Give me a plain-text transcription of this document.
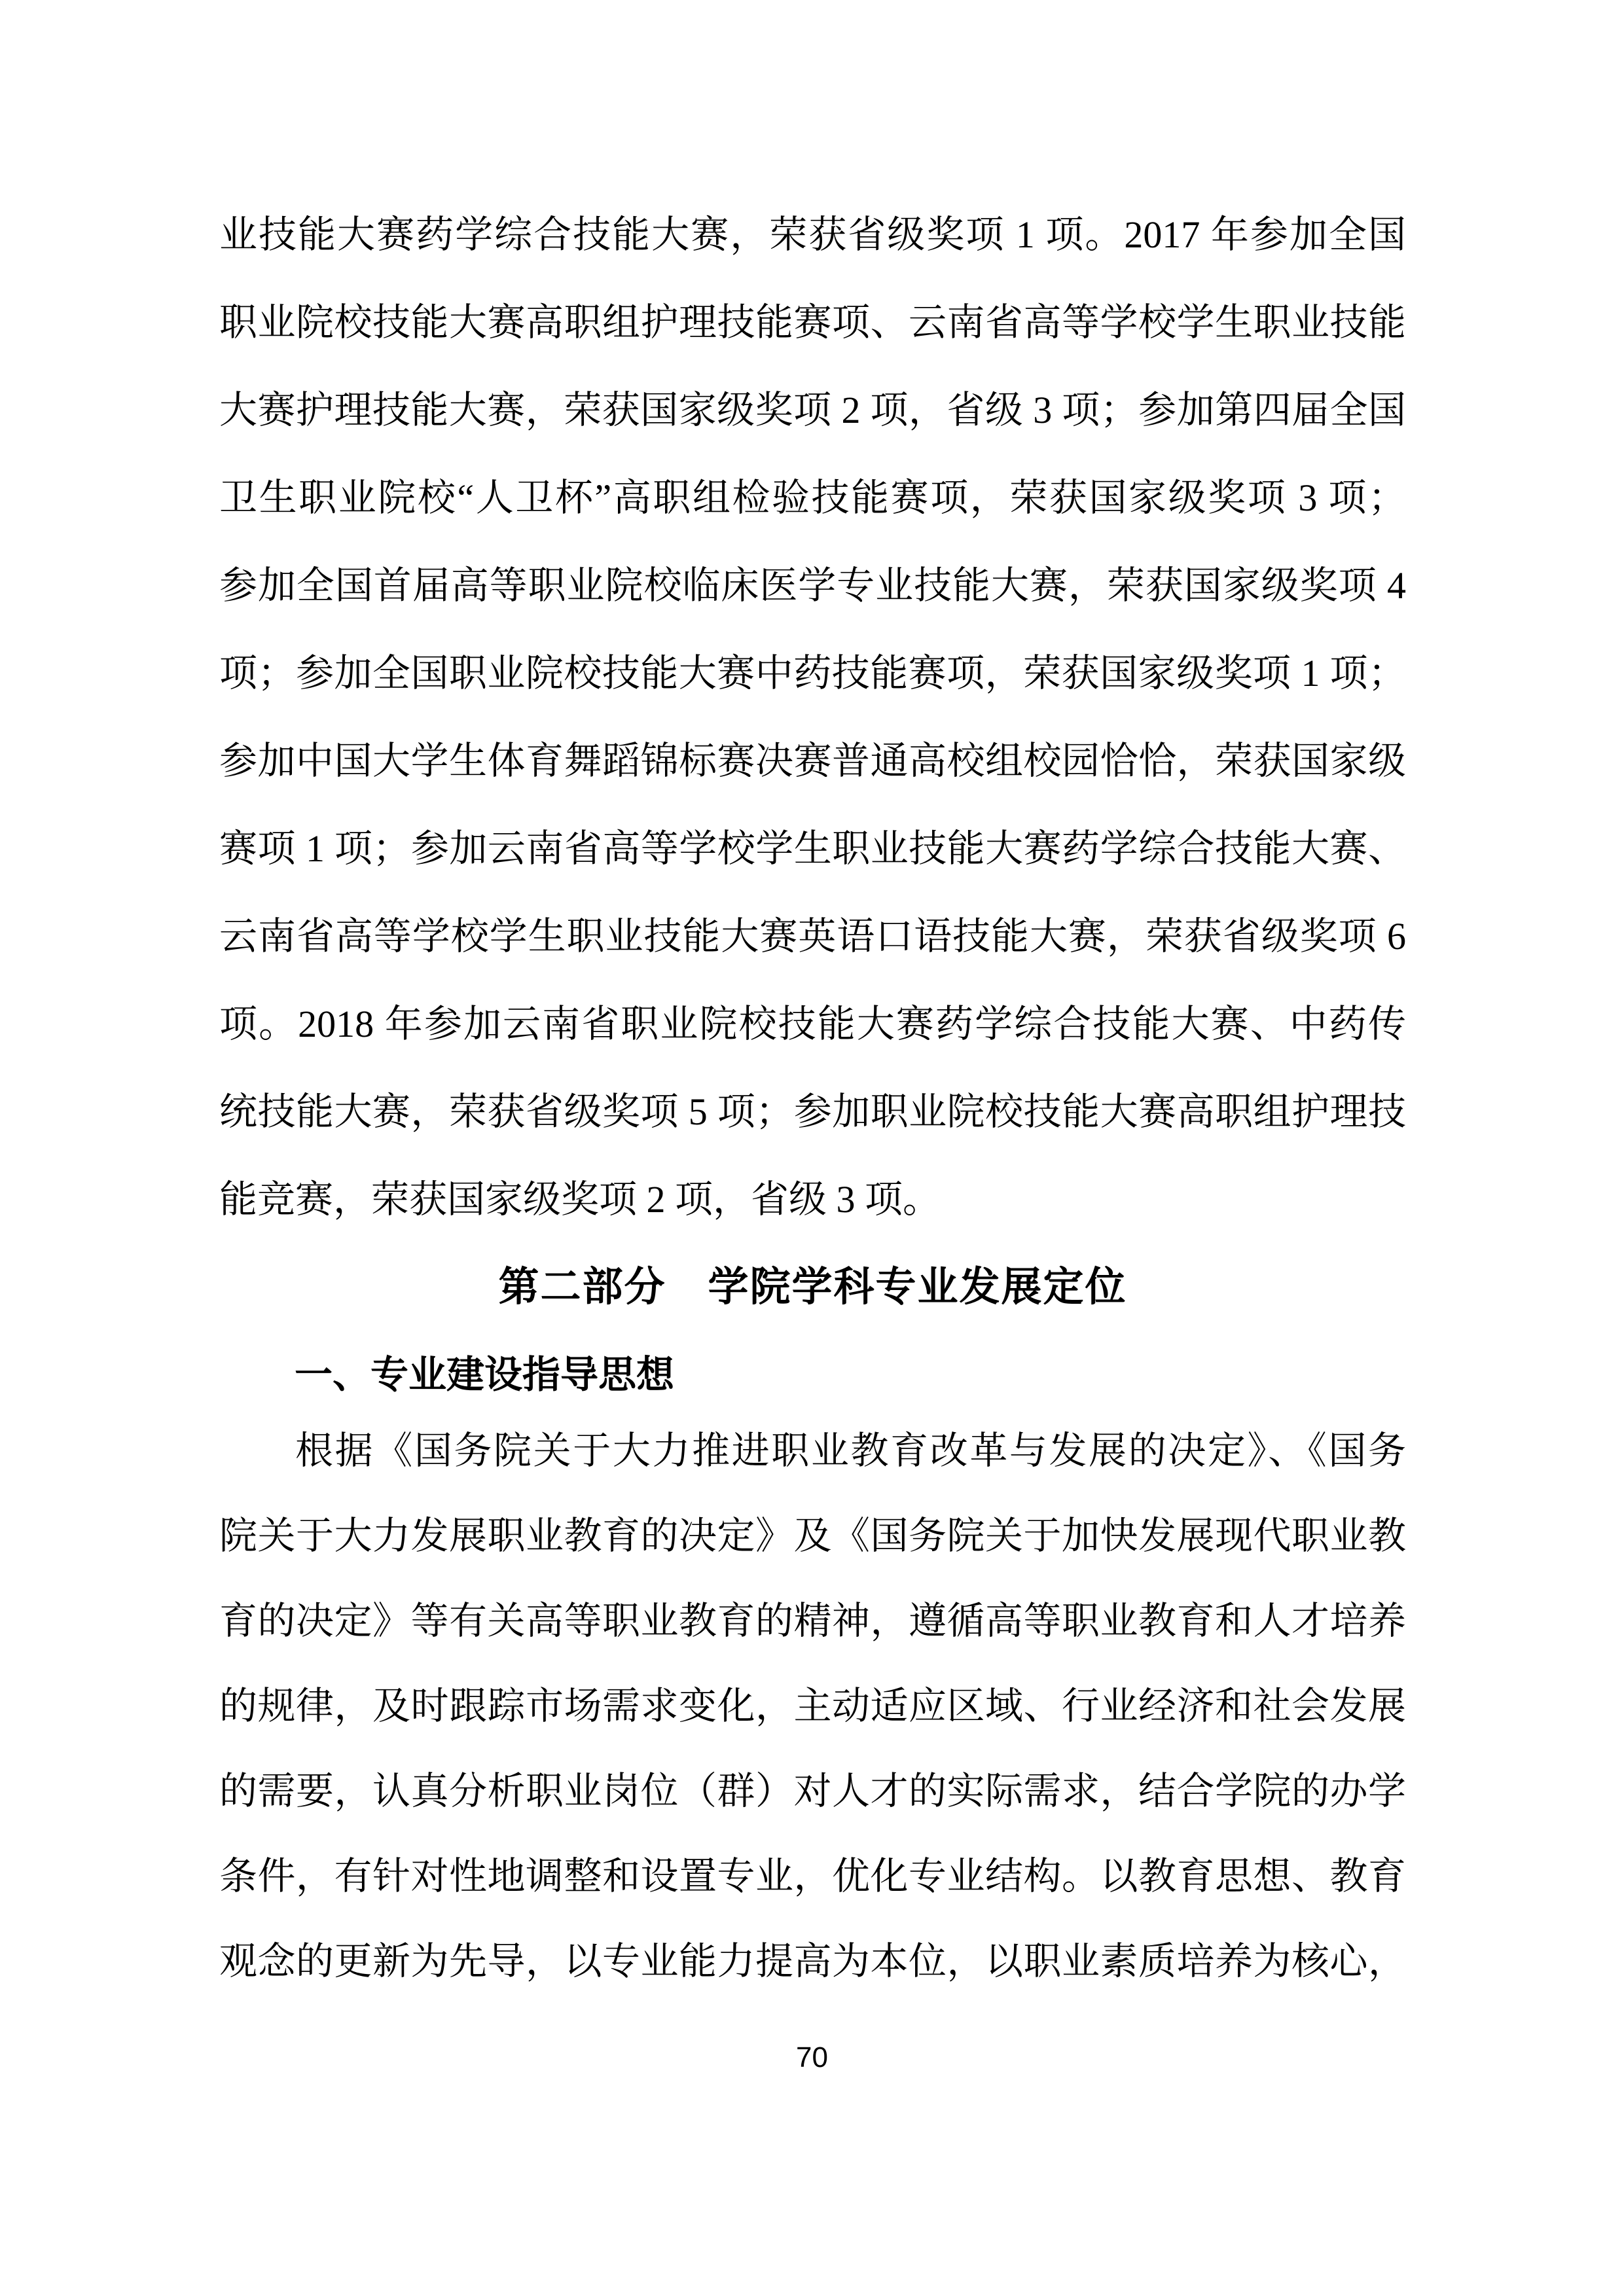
业技能大赛药学综合技能大赛，荣获省级奖项 1 项。2017 年参加全国

职业院校技能大赛高职组护理技能赛项、云南省高等学校学生职业技能

大赛护理技能大赛，荣获国家级奖项 2 项，省级 3 项；参加第四届全国

卫生职业院校“人卫杯”高职组检验技能赛项，荣获国家级奖项 3 项；

参加全国首届高等职业院校临床医学专业技能大赛，荣获国家级奖项 4

项；参加全国职业院校技能大赛中药技能赛项，荣获国家级奖项 1 项；

参加中国大学生体育舞蹈锦标赛决赛普通高校组校园恰恰，荣获国家级

赛项 1 项；参加云南省高等学校学生职业技能大赛药学综合技能大赛、

云南省高等学校学生职业技能大赛英语口语技能大赛，荣获省级奖项 6

项。2018 年参加云南省职业院校技能大赛药学综合技能大赛、中药传

统技能大赛，荣获省级奖项 5 项；参加职业院校技能大赛高职组护理技

能竞赛，荣获国家级奖项 2 项，省级 3 项。

第二部分　学院学科专业发展定位
一、专业建设指导思想

根据《国务院关于大力推进职业教育改革与发展的决定》、《国务

院关于大力发展职业教育的决定》及《国务院关于加快发展现代职业教

育的决定》等有关高等职业教育的精神，遵循高等职业教育和人才培养

的规律，及时跟踪市场需求变化，主动适应区域、行业经济和社会发展

的需要，认真分析职业岗位（群）对人才的实际需求，结合学院的办学

条件，有针对性地调整和设置专业，优化专业结构。以教育思想、教育

观念的更新为先导，以专业能力提高为本位，以职业素质培养为核心，

70
